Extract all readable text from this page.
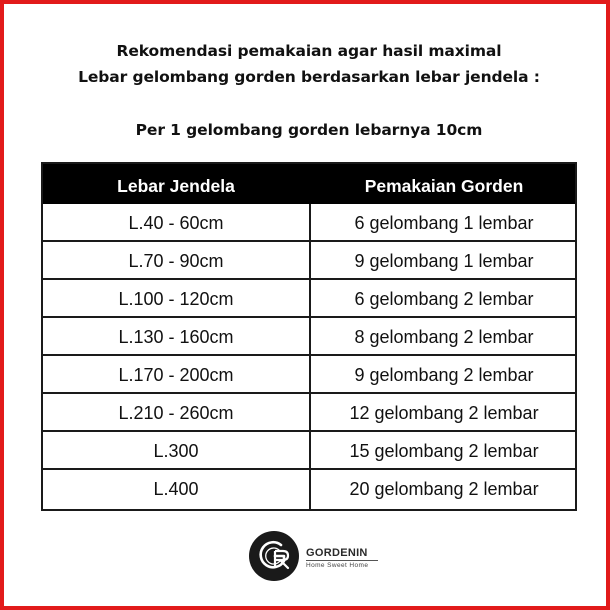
Rekomendasi pemakaian agar hasil maximal
Lebar gelombang gorden berdasarkan lebar jendela :
Per 1 gelombang gorden lebarnya 10cm
Lebar Jendela	Pemakaian Gorden
L.40 - 60cm	6 gelombang 1 lembar
L.70 - 90cm	9 gelombang 1 lembar
L.100 - 120cm	6 gelombang 2 lembar
L.130 - 160cm	8 gelombang 2 lembar
L.170 - 200cm	9 gelombang 2 lembar
L.210 - 260cm	12 gelombang 2 lembar
L.300	15 gelombang 2 lembar
L.400	20 gelombang 2 lembar
GORDENIN
Home Sweet Home
